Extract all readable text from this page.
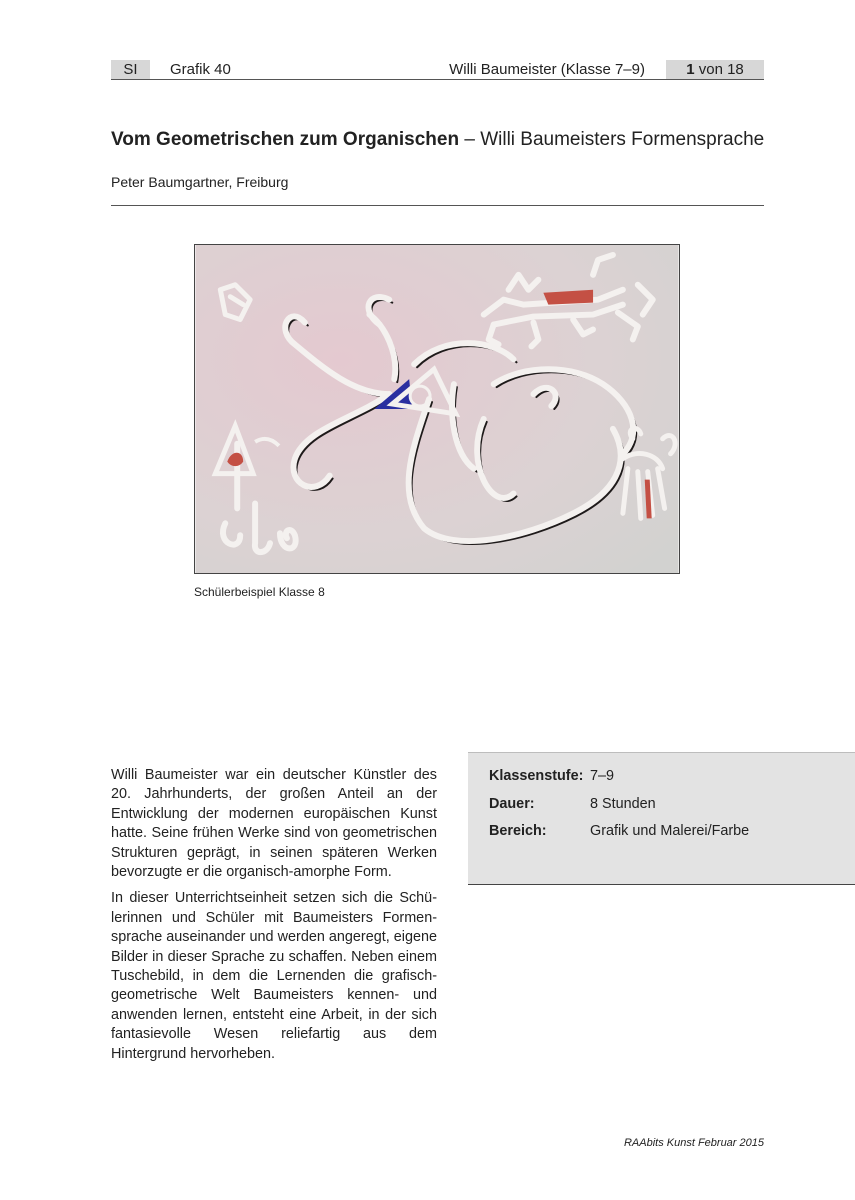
SI	Grafik 40	Willi Baumeister (Klasse 7–9)	1 von 18
Vom Geometrischen zum Organischen – Willi Baumeisters Formensprache
Peter Baumgartner, Freiburg
Schülerbeispiel Klasse 8

Willi Baumeister war ein deutscher Künstler des 20. Jahrhunderts, der großen Anteil an der Entwicklung der modernen europäischen Kunst hatte. Seine frühen Werke sind von geometrischen Strukturen geprägt, in seinen späteren Werken bevorzugte er die organisch-amorphe Form.

In dieser Unterrichtseinheit setzen sich die Schülerinnen und Schüler mit Baumeisters Formensprache auseinander und werden angeregt, eigene Bilder in dieser Sprache zu schaffen. Neben einem Tuschebild, in dem die Lernenden die grafisch-geometrische Welt Baumeisters kennen- und anwenden lernen, entsteht eine Arbeit, in der sich fantasievolle Wesen reliefartig aus dem Hintergrund hervorheben.

Klassenstufe: 7–9
Dauer:	8 Stunden
Bereich:	Grafik und Malerei/Farbe
RAAbits Kunst Februar 2015
